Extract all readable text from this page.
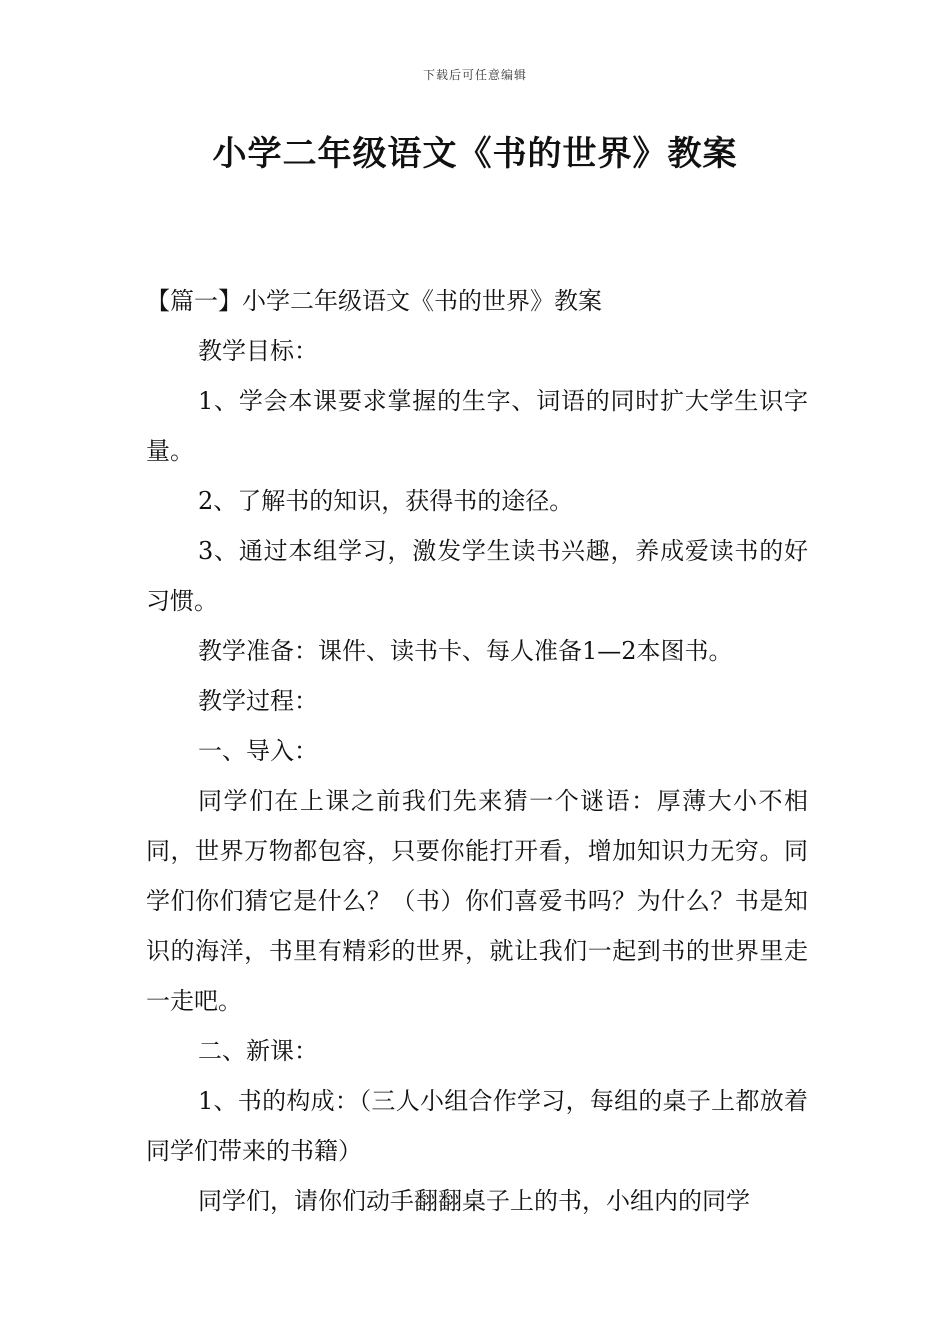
下载后可任意编辑
小学二年级语文《书的世界》教案

【篇一】小学二年级语文《书的世界》教案

教学目标：

1、学会本课要求掌握的生字、词语的同时扩大学生识字量。

2、了解书的知识，获得书的途径。

3、通过本组学习，激发学生读书兴趣，养成爱读书的好习惯。

教学准备：课件、读书卡、每人准备1—2本图书。

教学过程：

一、导入：

同学们在上课之前我们先来猜一个谜语：厚薄大小不相同，世界万物都包容，只要你能打开看，增加知识力无穷。同学们你们猜它是什么？（书）你们喜爱书吗？为什么？书是知识的海洋，书里有精彩的世界，就让我们一起到书的世界里走一走吧。

二、新课：

1、书的构成：（三人小组合作学习，每组的桌子上都放着同学们带来的书籍）

同学们，请你们动手翻翻桌子上的书，小组内的同学
